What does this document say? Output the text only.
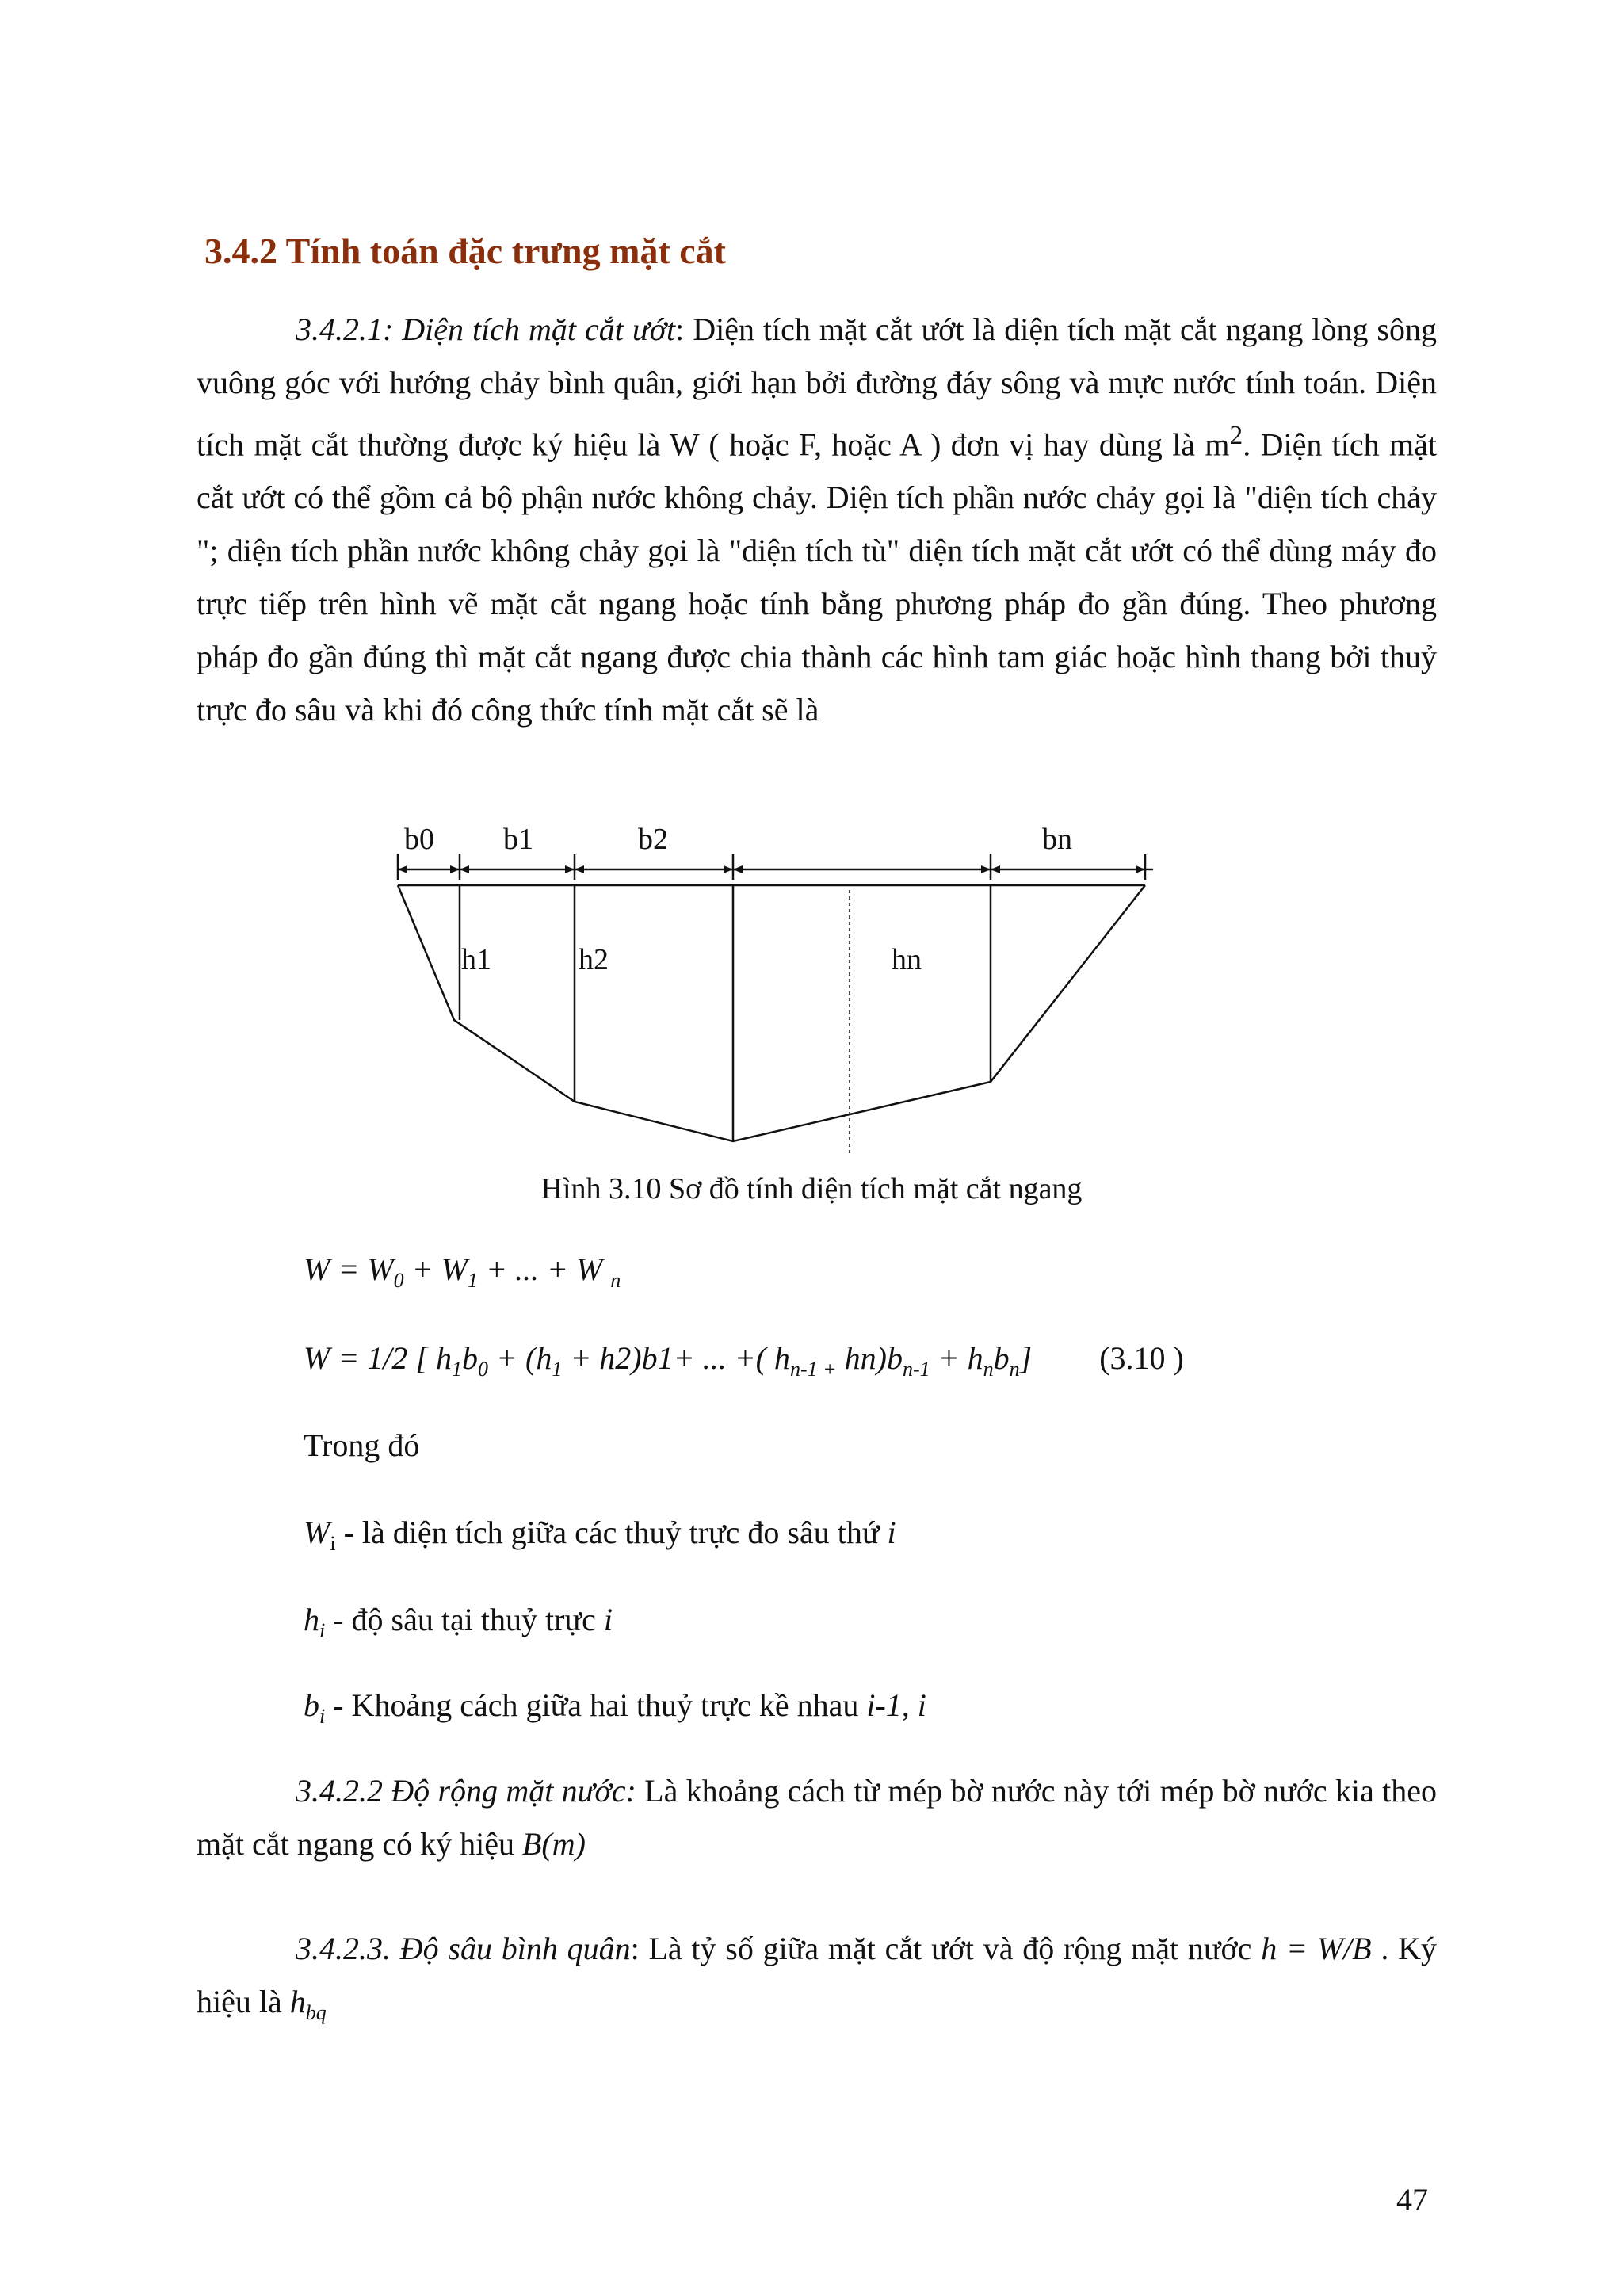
3.4.2 Tính toán đặc trưng mặt cắt

3.4.2.1: Diện tích mặt cắt ướt: Diện tích mặt cắt ướt là diện tích mặt cắt ngang lòng sông vuông góc với hướng chảy bình quân, giới hạn bởi đường đáy sông và mực nước tính toán. Diện tích mặt cắt thường được ký hiệu là W ( hoặc F, hoặc A ) đơn vị hay dùng là $m^2$. Diện tích mặt cắt ướt có thể gồm cả bộ phận nước không chảy. Diện tích phần nước chảy gọi là "diện tích chảy "; diện tích phần nước không chảy gọi là "diện tích tù" diện tích mặt cắt ướt có thể dùng máy đo trực tiếp trên hình vẽ mặt cắt ngang hoặc tính bằng phương pháp đo gần đúng. Theo phương pháp đo gần đúng thì mặt cắt ngang được chia thành các hình tam giác hoặc hình thang bởi thuỷ trực đo sâu và khi đó công thức tính mặt cắt sẽ là

b0 b1	b2	bn
h1	h2	hn

Hình 3.10 Sơ đồ tính diện tích mặt cắt ngang

$W = W_0 + W_1$ + ... + W $_n$

W = 1/2 [ $h_1b_0 + (h_1 + h2)b1+$ ... +( $h_{n-1 +}$ $hn)b_{n-1} + h_nb_n$] (3.10 )

Trong đó

$W_i$ - là diện tích giữa các thuỷ trực đo sâu thứ i

$h_i$ - độ sâu tại thuỷ trực i

$b_i$ - Khoảng cách giữa hai thuỷ trực kề nhau i-1, i

3.4.2.2 Độ rộng mặt nước: Là khoảng cách từ mép bờ nước này tới mép bờ nước kia theo mặt cắt ngang có ký hiệu B(m)

3.4.2.3. Độ sâu bình quân: Là tỷ số giữa mặt cắt ướt và độ rộng mặt nước h = W/B . Ký hiệu là $h_{bq}$

47
